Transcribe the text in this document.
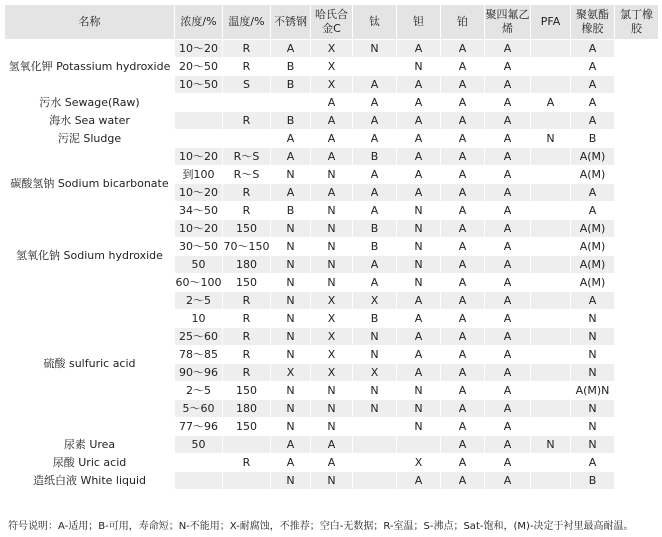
名称	浓度/%	温度/%	不锈钢	哈氏合金C	钛	钽	铂	聚四氟乙烯	PFA	聚氨酯橡胶	氯丁橡胶
氢氧化钾 Potassium hydroxide	10～20	R	A	X	N	A	A	A		A	
	20～50	R	B	X		N	A	A		A	
	10～50	S	B	X	A	A	A	A		A	
污水 Sewage(Raw)				A	A	A	A	A	A	A	
海水 Sea water		R	B	A	A	A	A	A		A	
污泥 Sludge			A	A	A	A	A	A	N	B	
碳酸氢钠 Sodium bicarbonate	10～20	R～S	A	A	B	A	A	A		A(M)	
	到100	R～S	N	N	A	A	A	A		A(M)	
	10～20	R	A	A	A	A	A	A		A	
	34～50	R	B	N	A	N	A	A		A	
氢氧化钠 Sodium hydroxide	10～20	150	N	N	B	N	A	A		A(M)	
	30～50	70～150	N	N	B	N	A	A		A(M)	
	50	180	N	N	A	N	A	A		A(M)	
	60～100	150	N	N	A	N	A	A		A(M)	
硫酸 sulfuric acid	2～5	R	N	X	X	A	A	A		A	
	10	R	N	X	B	A	A	A		N	
	25～60	R	N	X	N	A	A	A		N	
	78～85	R	N	X	N	A	A	A		N	
	90～96	R	X	X	X	A	A	A		N	
	2～5	150	N	N	N	N	A	A		A(M)N	
	5～60	180	N	N	N	N	A	A		N	
	77～96	150	N	N		N	A	A		N	
尿素 Urea	50		A	A			A	A	N	N	
尿酸 Uric acid		R	A	A		X	A	A		A	
造纸白液 White liquid			N	N		A	A	A		B	
符号说明：A-适用；B-可用，寿命短；N-不能用；X-耐腐蚀，不推荐；空白-无数据；R-室温；S-沸点；Sat-饱和，(M)-决定于衬里最高耐温。
